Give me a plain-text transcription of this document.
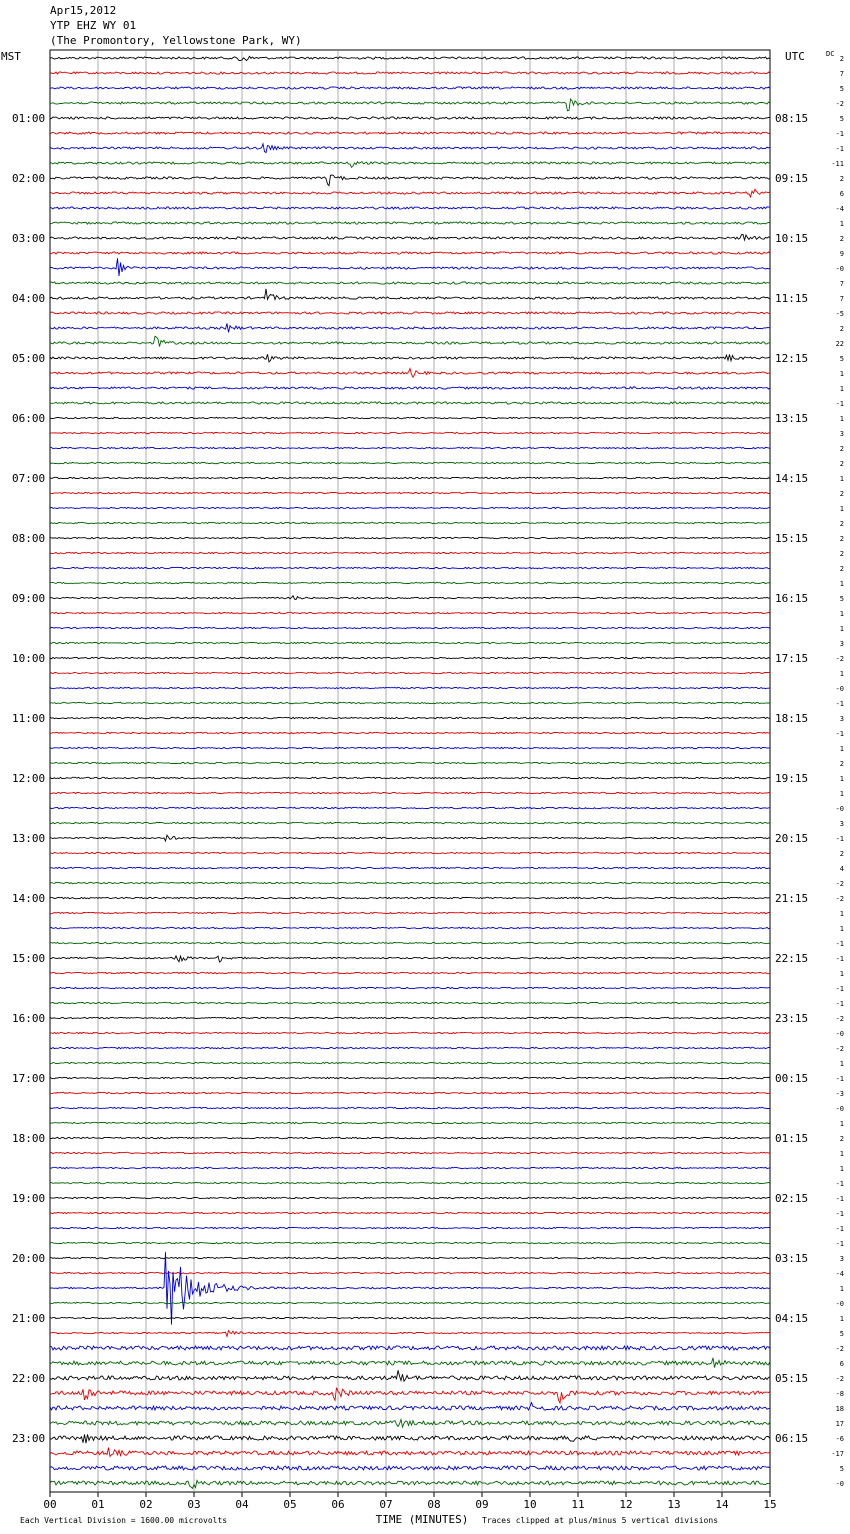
Apr15,2012
YTP EHZ WY 01
(The Promontory, Yellowstone Park, WY)
2
7
5
-2
5
-1
-1
-11
2
6
-4
1
2
9
-0
7
7
-5
2
22
5
1
1
-1
1
3
2
2
1
2
1
2
2
2
2
1
5
1
1
3
-2
1
-0
-1
3
-1
1
2
1
1
-0
3
-1
2
4
-2
-2
1
1
-1
-1
1
-1
-1
-2
-0
-2
1
-1
-3
-0
1
2
1
1
-1
-1
-1
-1
-1
3
-4
1
-0
1
5
-2
6
-2
-8
18
17
-6
-17
5
-0
MST	UTC	DC
01:00	08:15
02:00	09:15
03:00	10:15
04:00	11:15
05:00	12:15
06:00	13:15
07:00	14:15
08:00	15:15
09:00	16:15
10:00	17:15
11:00	18:15
12:00	19:15
13:00	20:15
14:00	21:15
15:00	22:15
16:00	23:15
17:00	00:15
18:00	01:15
19:00	02:15
20:00	03:15
21:00	04:15
22:00	05:15
23:00	06:15
00	01	02	03	04	05	06	07	08	09	10	11	12	13	14	15
Each Vertical Division = 1600.00 microvolts	TIME (MINUTES) Traces clipped at plus/minus 5 vertical divisions
